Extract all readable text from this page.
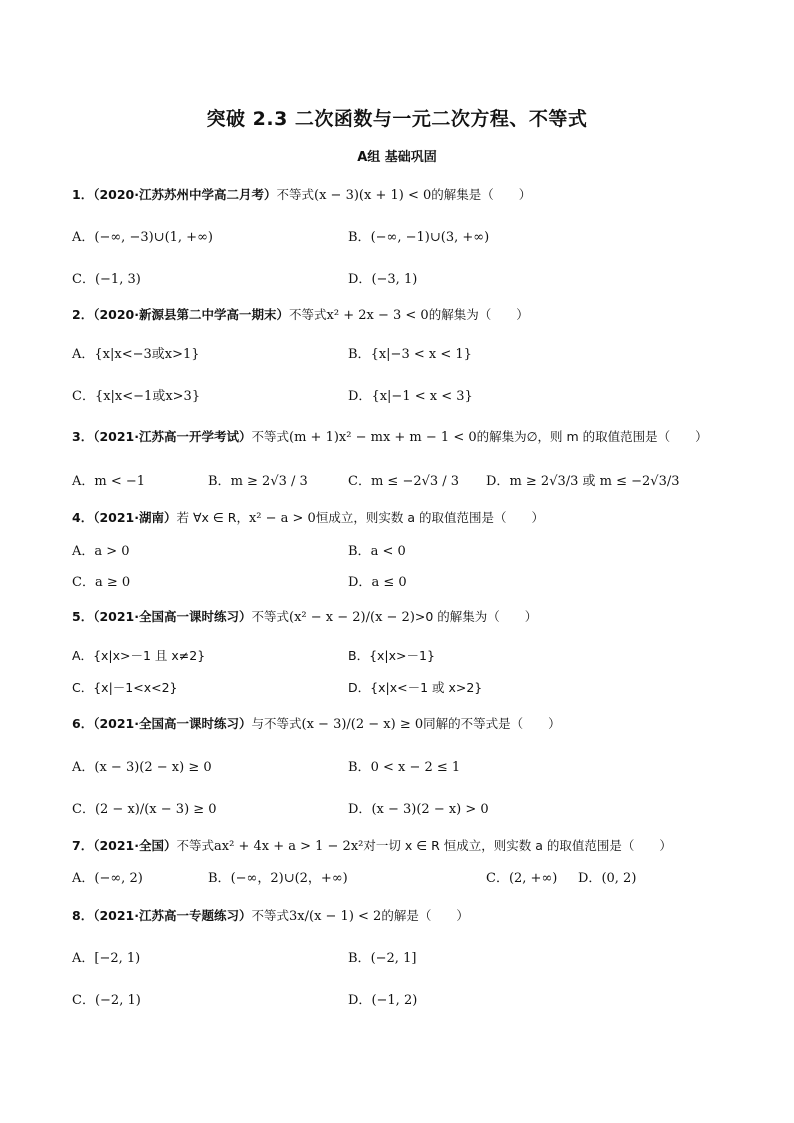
突破 2.3 二次函数与一元二次方程、不等式
A组 基础巩固
1．（2020·江苏苏州中学高二月考）不等式(x − 3)(x + 1) < 0的解集是（　　）
A．(−∞, −3)∪(1, +∞)	B．(−∞, −1)∪(3, +∞)
C．(−1, 3)	D．(−3, 1)
2．（2020·新源县第二中学高一期末）不等式x² + 2x − 3 < 0的解集为（　　）
A．{x|x<−3或x>1}	B．{x|−3 < x < 1}
C．{x|x<−1或x>3}	D．{x|−1 < x < 3}
3．（2021·江苏高一开学考试）不等式(m + 1)x² − mx + m − 1 < 0的解集为∅，则 m 的取值范围是（　　）
A．m < −1	B．m ≥ 2√3 / 3	C．m ≤ −2√3 / 3 D．m ≥ 2√3/3 或 m ≤ −2√3/3
4．（2021·湖南）若 ∀x ∈ R，x² − a > 0恒成立，则实数 a 的取值范围是（　　）
A．a > 0	B．a < 0
C．a ≥ 0	D．a ≤ 0
5．（2021·全国高一课时练习）不等式(x² − x − 2)/(x − 2)>0 的解集为（　　）
A．{x|x>－1 且 x≠2}	B．{x|x>－1}
C．{x|－1<x<2}	D．{x|x<－1 或 x>2}
6．（2021·全国高一课时练习）与不等式(x − 3)/(2 − x) ≥ 0同解的不等式是（　　）
A．(x − 3)(2 − x) ≥ 0	B．0 < x − 2 ≤ 1
C．(2 − x)/(x − 3) ≥ 0	D．(x − 3)(2 − x) > 0
7．（2021·全国）不等式ax² + 4x + a > 1 − 2x²对一切 x ∈ R 恒成立，则实数 a 的取值范围是（　　）
A．(−∞, 2)	B．(−∞，2)∪(2，+∞)	C．(2, +∞) D．(0, 2)
8．（2021·江苏高一专题练习）不等式3x/(x − 1) < 2的解是（　　）
A．[−2, 1)	B．(−2, 1]
C．(−2, 1)	D．(−1, 2)
